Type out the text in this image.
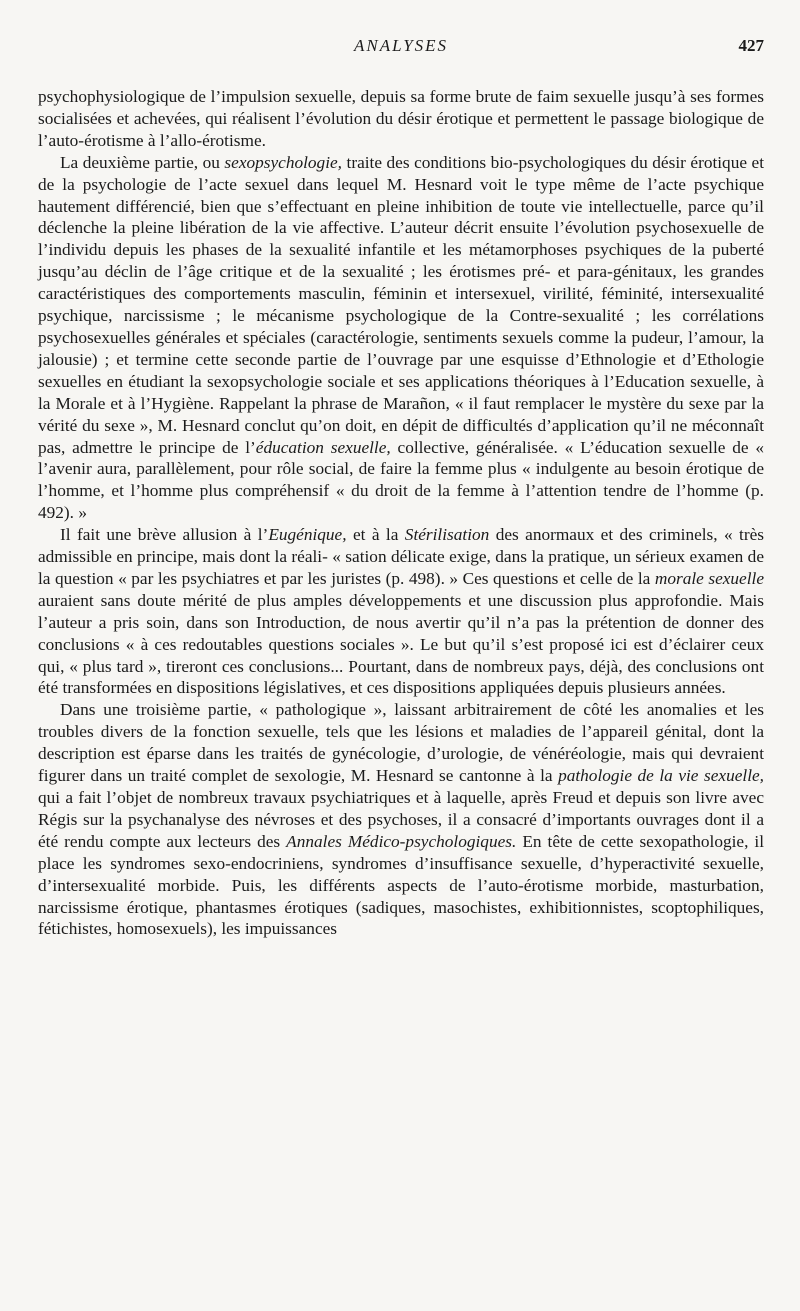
ANALYSES	427

psychophysiologique de l’impulsion sexuelle, depuis sa forme brute de faim sexuelle jusqu’à ses formes socialisées et achevées, qui réalisent l’évolution du désir érotique et permettent le passage biologique de l’auto-érotisme à l’allo-érotisme.

La deuxième partie, ou sexopsychologie, traite des conditions bio-psychologiques du désir érotique et de la psychologie de l’acte sexuel dans lequel M. Hesnard voit le type même de l’acte psychique hautement différencié, bien que s’effectuant en pleine inhibition de toute vie intellectuelle, parce qu’il déclenche la pleine libération de la vie affective. L’auteur décrit ensuite l’évolution psychosexuelle de l’individu depuis les phases de la sexualité infantile et les métamorphoses psychiques de la puberté jusqu’au déclin de l’âge critique et de la sexualité ; les érotismes pré- et para-génitaux, les grandes caractéristiques des comportements masculin, féminin et intersexuel, virilité, féminité, intersexualité psychique, narcissisme ; le mécanisme psychologique de la Contre-sexualité ; les corrélations psychosexuelles générales et spéciales (caractérologie, sentiments sexuels comme la pudeur, l’amour, la jalousie) ; et termine cette seconde partie de l’ouvrage par une esquisse d’Ethnologie et d’Ethologie sexuelles en étudiant la sexopsychologie sociale et ses applications théoriques à l’Education sexuelle, à la Morale et à l’Hygiène. Rappelant la phrase de Marañon, « il faut remplacer le mystère du sexe par la vérité du sexe », M. Hesnard conclut qu’on doit, en dépit de difficultés d’application qu’il ne méconnaît pas, admettre le principe de l’éducation sexuelle, collective, généralisée. « L’éducation sexuelle de « l’avenir aura, parallèlement, pour rôle social, de faire la femme plus « indulgente au besoin érotique de l’homme, et l’homme plus compréhensif « du droit de la femme à l’attention tendre de l’homme (p. 492). »

Il fait une brève allusion à l’Eugénique, et à la Stérilisation des anormaux et des criminels, « très admissible en principe, mais dont la réali- « sation délicate exige, dans la pratique, un sérieux examen de la question « par les psychiatres et par les juristes (p. 498). » Ces questions et celle de la morale sexuelle auraient sans doute mérité de plus amples développements et une discussion plus approfondie. Mais l’auteur a pris soin, dans son Introduction, de nous avertir qu’il n’a pas la prétention de donner des conclusions « à ces redoutables questions sociales ». Le but qu’il s’est proposé ici est d’éclairer ceux qui, « plus tard », tireront ces conclusions... Pourtant, dans de nombreux pays, déjà, des conclusions ont été transformées en dispositions législatives, et ces dispositions appliquées depuis plusieurs années.

Dans une troisième partie, « pathologique », laissant arbitrairement de côté les anomalies et les troubles divers de la fonction sexuelle, tels que les lésions et maladies de l’appareil génital, dont la description est éparse dans les traités de gynécologie, d’urologie, de vénéréologie, mais qui devraient figurer dans un traité complet de sexologie, M. Hesnard se cantonne à la pathologie de la vie sexuelle, qui a fait l’objet de nombreux travaux psychiatriques et à laquelle, après Freud et depuis son livre avec Régis sur la psychanalyse des névroses et des psychoses, il a consacré d’importants ouvrages dont il a été rendu compte aux lecteurs des Annales Médico-psychologiques. En tête de cette sexopathologie, il place les syndromes sexo-endocriniens, syndromes d’insuffisance sexuelle, d’hyperactivité sexuelle, d’intersexualité morbide. Puis, les différents aspects de l’auto-érotisme morbide, masturbation, narcissisme érotique, phantasmes érotiques (sadiques, masochistes, exhibitionnistes, scoptophiliques, fétichistes, homosexuels), les impuissances
